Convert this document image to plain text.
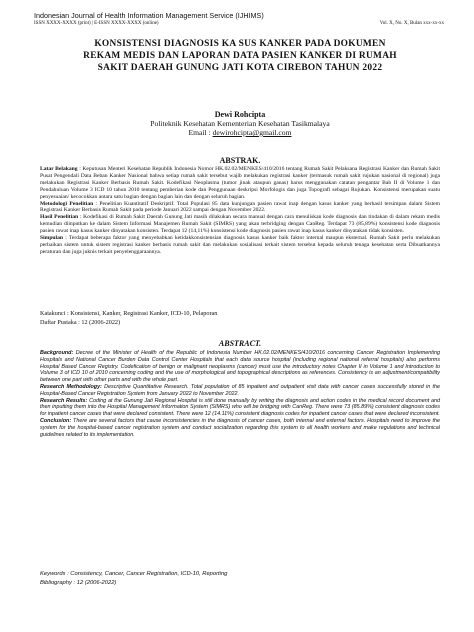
Indonesian Journal of Health Information Management Service (IJHIMS)
ISSN XXXX-XXXX (print) | E-ISSN XXXX-XXXX (online)	Vol. X, No. X, Bulan xxx-xx-xx
KONSISTENSI DIAGNOSIS KA SUS KANKER PADA DOKUMEN
REKAM MEDIS DAN LAPORAN DATA PASIEN KANKER DI RUMAH
SAKIT DAERAH GUNUNG JATI KOTA CIREBON TAHUN 2022
Dewi Rohcipta
Politeknik Kesehatan Kementerian Kesehatan Tasikmalaya
Email : dewirohcipta@gmail.com
ABSTRAK.

Latar Belakang : Keputusan Menteri Kesehatan Republik Indonesia Nomor HK.02.02/MENKES/410/2016 tentang Rumah Sakit Pelaksana Registrasi Kanker dan Rumah Sakit Pusat Pengendali Data Beban Kanker Nasional bahwa setiap rumah sakit tersebut wajib melakukan registrasi kanker (termasuk rumah sakit rujukan nasional di regional) juga melakukan Registrasi Kanker Berbasis Rumah Sakit. Kodefikasi Neoplasma (tumor jinak ataupun ganas) harus menggunakan catatan pengantar Bab II di Volume 1 dan Pendahuluan Volume 3 ICD 10 tahun 2010 tentang pemberian kode dan Penggunaan deskripsi Morfologis dan juga Topografi sebagai Rujukan. Konsistensi merupakan suatu penyesuaian/ kecocokkan antara satu bagian dengan bagian lain dan dengan seluruh bagian.

Metodologi Penelitian : Penelitian Kuantitatif Deskriptif. Total Populasi 85 data kunjungan pasien rawat inap dengan kasus kanker yang berhasil tersimpan dalam Sistem Registrasi Kanker Berbasis Rumah Sakit pada periode Januari 2022 sampai dengan November 2022.

Hasil Penelitian : Kodefikasi di Rumah Sakit Daerah Gunung Jati masih dilakukan secara manual dengan cara menuliskan kode diagnosis dan tindakan di dalam rekam medis kemudian diinputkan ke dalam Sistem Informasi Manajemen Rumah Sakit (SIMRS) yang akan terbridging dengan CanReg. Terdapat 73 (85,89%) konsistensi kode diagnosis pasien rawat inap kasus kanker dinyatakan konsisten. Terdapat 12 (14,11%) konsistensi kode diagnosis pasien rawat inap kasus kanker dinyatakan tidak konsisten.

Simpulan : Terdapat beberapa faktor yang menyebabkan ketidakkonsistensian diagnosis kasus kanker baik faktor internal maupun eksternal. Rumah Sakit perlu melakukan perbaikan sistem untuk sistem registrasi kanker berbasis rumah sakit dan melakukan sosialisasi terkait sistem tersebut kepada seluruh tenaga kesehatan serta Dibuatkannya peraturan dan juga juknis terkait penyelenggaraannya.

Katakunci : Konsistensi, Kanker, Registrasi Kanker, ICD-10, Pelaporan
Daftar Pustaka : 12 (2006-2022)
ABSTRACT.

Background: Decree of the Minister of Health of the Republic of Indonesia Number HK.02.02/MENKES/410/2016 concerning Cancer Registration Implementing Hospitals and National Cancer Burden Data Control Center Hospitals that each data source hospital (including regional national referral hospitals) also performs Hospital Based Cancer Registry. Codefication of benign or malignant neoplasms (cancer) must use the introductory notes Chapter II in Volume 1 and Introduction to Volume 3 of ICD 10 of 2010 concerning coding and the use of morphological and topographical descriptions as references. Consistency is an adjustment/compatibility between one part with other parts and with the whole part.

Research Methodology: Descriptive Quantitative Research. Total population of 85 inpatient and outpatient visit data with cancer cases successfully stored in the Hospital-Based Cancer Registration System from January 2022 to November 2022.

Research Results: Coding at the Gunung Jati Regional Hospital is still done manually by writing the diagnosis and action codes in the medical record document and then inputting them into the Hospital Management Information System (SIMRS) who will be bridging with CanReg. There were 73 (85.89%) consistent diagnosis codes for inpatient cancer cases that were declared consistent. There were 12 (14.11%) consistent diagnosis codes for inpatient cancer cases that were declared inconsistent.

Conclusion: There are several factors that cause inconsistencies in the diagnosis of cancer cases, both internal and external factors. Hospitals need to improve the system for the hospital-based cancer registration system and conduct socialization regarding this system to all health workers and make regulations and technical guidelines related to its implementation.

Keywords : Consistency, Cancer, Cancer Registration, ICD-10, Reporting
Bibliography : 12 (2006-2022)
